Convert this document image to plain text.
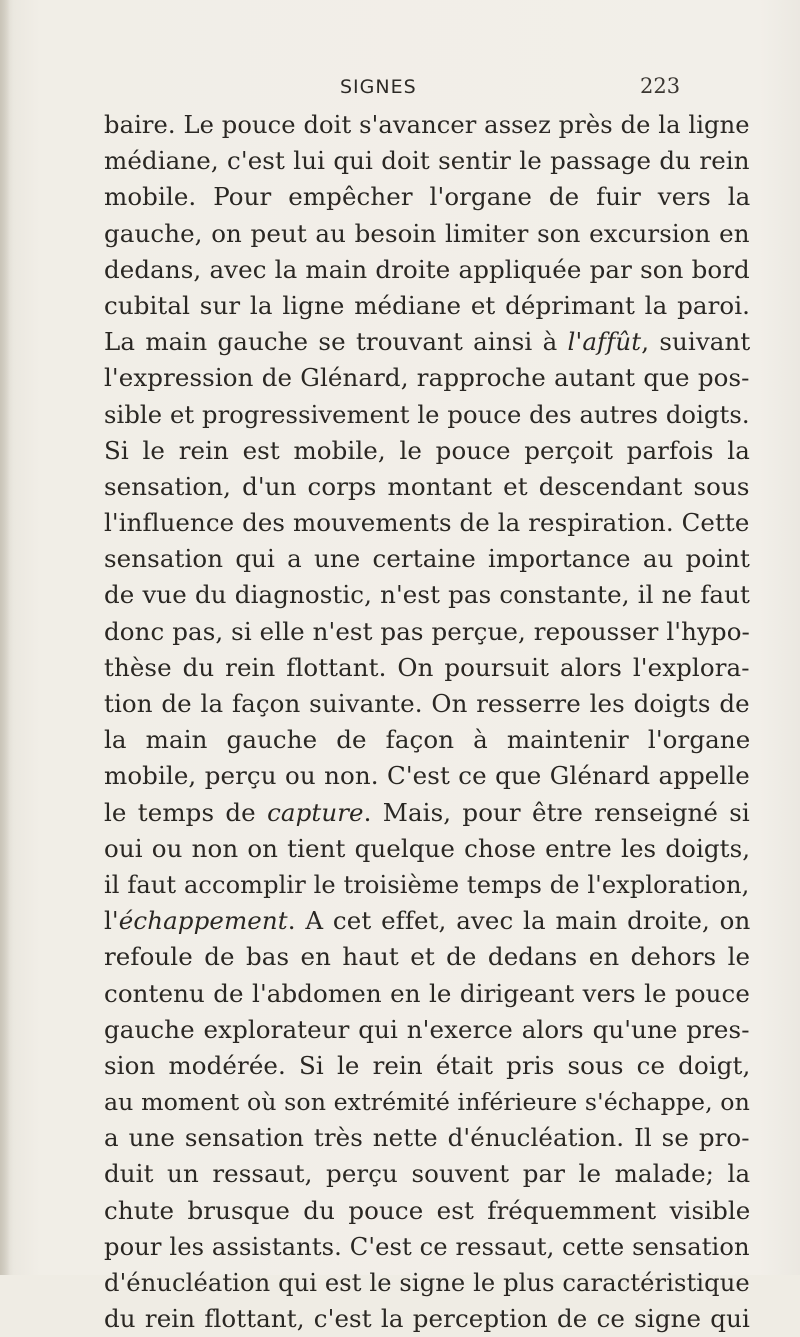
SIGNES	223
baire. Le pouce doit s'avancer assez près de la ligne
médiane, c'est lui qui doit sentir le passage du rein
mobile. Pour empêcher l'organe de fuir vers la
gauche, on peut au besoin limiter son excursion en
dedans, avec la main droite appliquée par son bord
cubital sur la ligne médiane et déprimant la paroi.
La main gauche se trouvant ainsi à l'affût, suivant
l'expression de Glénard, rapproche autant que pos-
sible et progressivement le pouce des autres doigts.
Si le rein est mobile, le pouce perçoit parfois la
sensation, d'un corps montant et descendant sous
l'influence des mouvements de la respiration. Cette
sensation qui a une certaine importance au point
de vue du diagnostic, n'est pas constante, il ne faut
donc pas, si elle n'est pas perçue, repousser l'hypo-
thèse du rein flottant. On poursuit alors l'explora-
tion de la façon suivante. On resserre les doigts de
la main gauche de façon à maintenir l'organe
mobile, perçu ou non. C'est ce que Glénard appelle
le temps de capture. Mais, pour être renseigné si
oui ou non on tient quelque chose entre les doigts,
il faut accomplir le troisième temps de l'exploration,
l'échappement. A cet effet, avec la main droite, on
refoule de bas en haut et de dedans en dehors le
contenu de l'abdomen en le dirigeant vers le pouce
gauche explorateur qui n'exerce alors qu'une pres-
sion modérée. Si le rein était pris sous ce doigt,
au moment où son extrémité inférieure s'échappe, on
a une sensation très nette d'énucléation. Il se pro-
duit un ressaut, perçu souvent par le malade; la
chute brusque du pouce est fréquemment visible
pour les assistants. C'est ce ressaut, cette sensation
d'énucléation qui est le signe le plus caractéristique
du rein flottant, c'est la perception de ce signe qui
